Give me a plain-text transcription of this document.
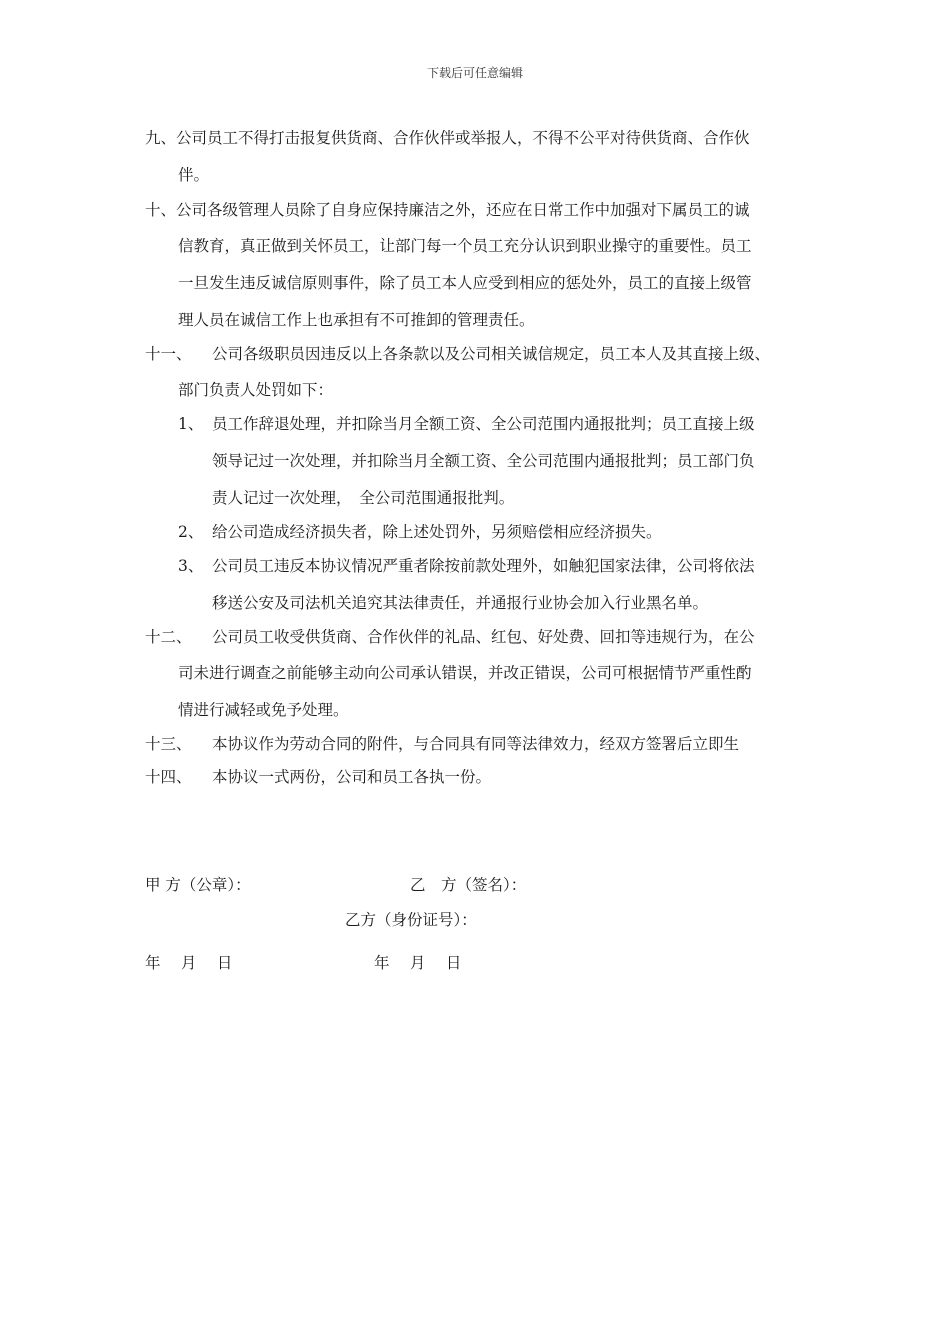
下载后可任意编辑
九、公司员工不得打击报复供货商、合作伙伴或举报人，不得不公平对待供货商、合作伙
伴。
十、公司各级管理人员除了自身应保持廉洁之外，还应在日常工作中加强对下属员工的诚
信教育，真正做到关怀员工，让部门每一个员工充分认识到职业操守的重要性。员工
一旦发生违反诚信原则事件，除了员工本人应受到相应的惩处外，员工的直接上级管
理人员在诚信工作上也承担有不可推卸的管理责任。
十一、 公司各级职员因违反以上各条款以及公司相关诚信规定，员工本人及其直接上级、
部门负责人处罚如下：
1、 员工作辞退处理，并扣除当月全额工资、全公司范围内通报批判；员工直接上级
领导记过一次处理，并扣除当月全额工资、全公司范围内通报批判；员工部门负
责人记过一次处理，　全公司范围通报批判。
2、 给公司造成经济损失者，除上述处罚外，另须赔偿相应经济损失。
3、 公司员工违反本协议情况严重者除按前款处理外，如触犯国家法律，公司将依法
移送公安及司法机关追究其法律责任，并通报行业协会加入行业黑名单。
十二、 公司员工收受供货商、合作伙伴的礼品、红包、好处费、回扣等违规行为，在公
司未进行调查之前能够主动向公司承认错误，并改正错误，公司可根据情节严重性酌
情进行减轻或免予处理。
十三、 本协议作为劳动合同的附件，与合同具有同等法律效力，经双方签署后立即生
十四、 本协议一式两份，公司和员工各执一份。
甲 方（公章）：	乙　方（签名）：
乙方（身份证号）：
年　 月　 日	年　 月　 日
